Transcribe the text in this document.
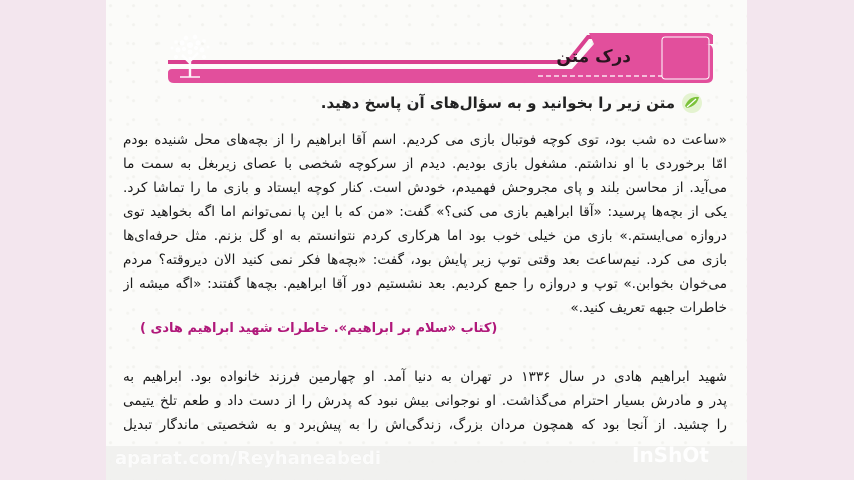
درک متن
متن زیر را بخوانید و به سؤال‌های آن پاسخ دهید.
«ساعت ده شب بود، توی کوچه فوتبال بازی می کردیم. اسم آقا ابراهیم را از بچه‌های محل شنیده بودم
امّا برخوردی با او نداشتم. مشغول بازی بودیم. دیدم از سرکوچه شخصی با عصای زیربغل به سمت ما
می‌آید. از محاسن بلند و پای مجروحش فهمیدم، خودش است. کنار کوچه ایستاد و بازی ما را تماشا کرد.
یکی از بچه‌ها پرسید: «آقا ابراهیم بازی می کنی؟» گفت: «من که با این پا نمی‌توانم اما اگه بخواهید توی
دروازه می‌ایستم.» بازی من خیلی خوب بود اما هرکاری کردم نتوانستم به او گل بزنم. مثل حرفه‌ای‌ها
بازی می کرد. نیم‌ساعت بعد وقتی توپ زیر پایش بود، گفت: «بچه‌ها فکر نمی کنید الان دیروقته؟ مردم
می‌خوان بخوابن.» توپ و دروازه را جمع کردیم. بعد نشستیم دور آقا ابراهیم. بچه‌ها گفتند: «اگه میشه از
خاطرات جبهه تعریف کنید.»
(کتاب «سلام بر ابراهیم». خاطرات شهید ابراهیم هادی )
شهید ابراهیم هادی در سال ۱۳۳۶ در تهران به دنیا آمد. او چهارمین فرزند خانواده بود. ابراهیم به
پدر و مادرش بسیار احترام می‌گذاشت. او نوجوانی بیش نبود که پدرش را از دست داد و طعم تلخ یتیمی
را چشید. از آنجا بود که همچون مردان بزرگ، زندگی‌اش را به پیش‌برد و به شخصیتی ماندگار تبدیل
aparat.com/Reyhaneabedi	InShOt
